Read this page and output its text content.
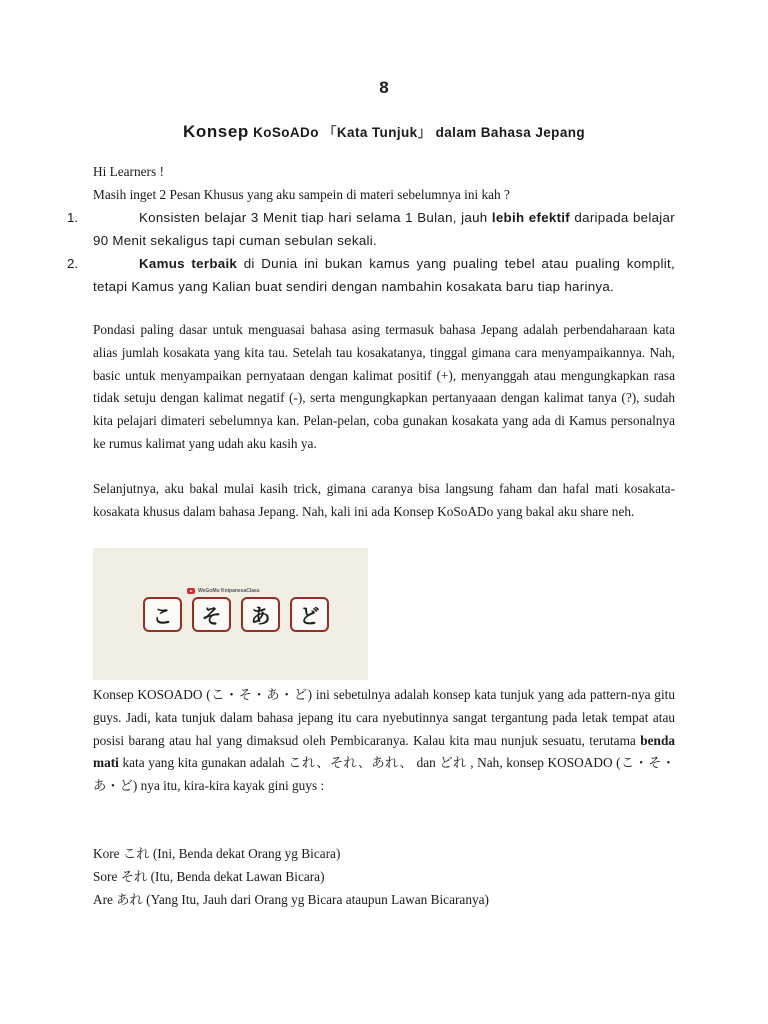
8
Konsep KoSoADo 「Kata Tunjuk」 dalam Bahasa Jepang
Hi Learners !
Masih inget 2 Pesan Khusus yang aku sampein di materi sebelumnya ini kah ?
1.	Konsisten belajar 3 Menit tiap hari selama 1 Bulan, jauh lebih efektif daripada belajar 90 Menit sekaligus tapi cuman sebulan sekali.
2.	Kamus terbaik di Dunia ini bukan kamus yang pualing tebel atau pualing komplit, tetapi Kamus yang Kalian buat sendiri dengan nambahin kosakata baru tiap harinya.
Pondasi paling dasar untuk menguasai bahasa asing termasuk bahasa Jepang adalah perbendaharaan kata alias jumlah kosakata yang kita tau. Setelah tau kosakatanya, tinggal gimana cara menyampaikannya. Nah, basic untuk menyampaikan pernyataan dengan kalimat positif (+), menyanggah atau mengungkapkan rasa tidak setuju dengan kalimat negatif (-), serta mengungkapkan pertanyaaan dengan kalimat tanya (?), sudah kita pelajari dimateri sebelumnya kan. Pelan-pelan, coba gunakan kosakata yang ada di Kamus personalnya ke rumus kalimat yang udah aku kasih ya.
Selanjutnya, aku bakal mulai kasih trick, gimana caranya bisa langsung faham dan hafal mati kosakata-kosakata khusus dalam bahasa Jepang. Nah, kali ini ada Konsep KoSoADo yang bakal aku share neh.
WeGoMu KnipanesaClass
こ	そ	あ	ど
Konsep KOSOADO (こ・そ・あ・ど) ini sebetulnya adalah konsep kata tunjuk yang ada pattern-nya gitu guys. Jadi, kata tunjuk dalam bahasa jepang itu cara nyebutinnya sangat tergantung pada letak tempat atau posisi barang atau hal yang dimaksud oleh Pembicaranya. Kalau kita mau nunjuk sesuatu, terutama benda mati kata yang kita gunakan adalah これ、それ、あれ、 dan どれ , Nah, konsep KOSOADO (こ・そ・あ・ど) nya itu, kira-kira kayak gini guys :
Kore これ (Ini, Benda dekat Orang yg Bicara)
Sore それ (Itu, Benda dekat Lawan Bicara)
Are あれ (Yang Itu, Jauh dari Orang yg Bicara ataupun Lawan Bicaranya)
